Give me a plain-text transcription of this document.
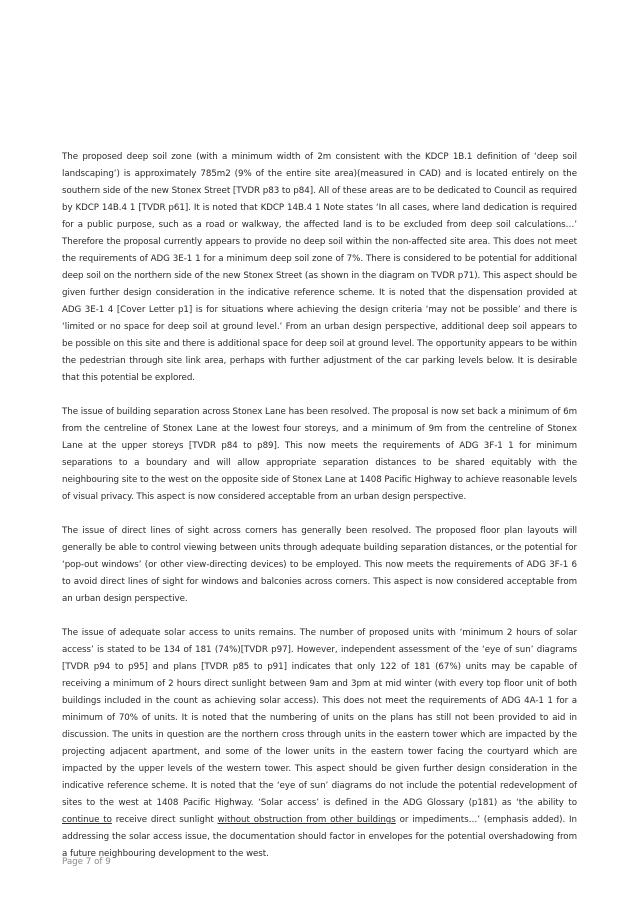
The proposed deep soil zone (with a minimum width of 2m consistent with the KDCP 1B.1 definition of ‘deep soil landscaping’) is approximately 785m2 (9% of the entire site area)(measured in CAD) and is located entirely on the southern side of the new Stonex Street [TVDR p83 to p84]. All of these areas are to be dedicated to Council as required by KDCP 14B.4 1 [TVDR p61]. It is noted that KDCP 14B.4 1 Note states ‘In all cases, where land dedication is required for a public purpose, such as a road or walkway, the affected land is to be excluded from deep soil calculations…’ Therefore the proposal currently appears to provide no deep soil within the non-affected site area. This does not meet the requirements of ADG 3E-1 1 for a minimum deep soil zone of 7%. There is considered to be potential for additional deep soil on the northern side of the new Stonex Street (as shown in the diagram on TVDR p71). This aspect should be given further design consideration in the indicative reference scheme. It is noted that the dispensation provided at ADG 3E-1 4 [Cover Letter p1] is for situations where achieving the design criteria ‘may not be possible’ and there is ‘limited or no space for deep soil at ground level.’ From an urban design perspective, additional deep soil appears to be possible on this site and there is additional space for deep soil at ground level. The opportunity appears to be within the pedestrian through site link area, perhaps with further adjustment of the car parking levels below. It is desirable that this potential be explored.

The issue of building separation across Stonex Lane has been resolved. The proposal is now set back a minimum of 6m from the centreline of Stonex Lane at the lowest four storeys, and a minimum of 9m from the centreline of Stonex Lane at the upper storeys [TVDR p84 to p89]. This now meets the requirements of ADG 3F-1 1 for minimum separations to a boundary and will allow appropriate separation distances to be shared equitably with the neighbouring site to the west on the opposite side of Stonex Lane at 1408 Pacific Highway to achieve reasonable levels of visual privacy. This aspect is now considered acceptable from an urban design perspective.

The issue of direct lines of sight across corners has generally been resolved. The proposed floor plan layouts will generally be able to control viewing between units through adequate building separation distances, or the potential for ‘pop-out windows’ (or other view-directing devices) to be employed. This now meets the requirements of ADG 3F-1 6 to avoid direct lines of sight for windows and balconies across corners. This aspect is now considered acceptable from an urban design perspective.

The issue of adequate solar access to units remains. The number of proposed units with ‘minimum 2 hours of solar access’ is stated to be 134 of 181 (74%)[TVDR p97]. However, independent assessment of the ‘eye of sun’ diagrams [TVDR p94 to p95] and plans [TVDR p85 to p91] indicates that only 122 of 181 (67%) units may be capable of receiving a minimum of 2 hours direct sunlight between 9am and 3pm at mid winter (with every top floor unit of both buildings included in the count as achieving solar access). This does not meet the requirements of ADG 4A-1 1 for a minimum of 70% of units. It is noted that the numbering of units on the plans has still not been provided to aid in discussion. The units in question are the northern cross through units in the eastern tower which are impacted by the projecting adjacent apartment, and some of the lower units in the eastern tower facing the courtyard which are impacted by the upper levels of the western tower. This aspect should be given further design consideration in the indicative reference scheme. It is noted that the ‘eye of sun’ diagrams do not include the potential redevelopment of sites to the west at 1408 Pacific Highway. ‘Solar access’ is defined in the ADG Glossary (p181) as ‘the ability to continue to receive direct sunlight without obstruction from other buildings or impediments…’ (emphasis added). In addressing the solar access issue, the documentation should factor in envelopes for the potential overshadowing from a future neighbouring development to the west.

Page 7 of 9
